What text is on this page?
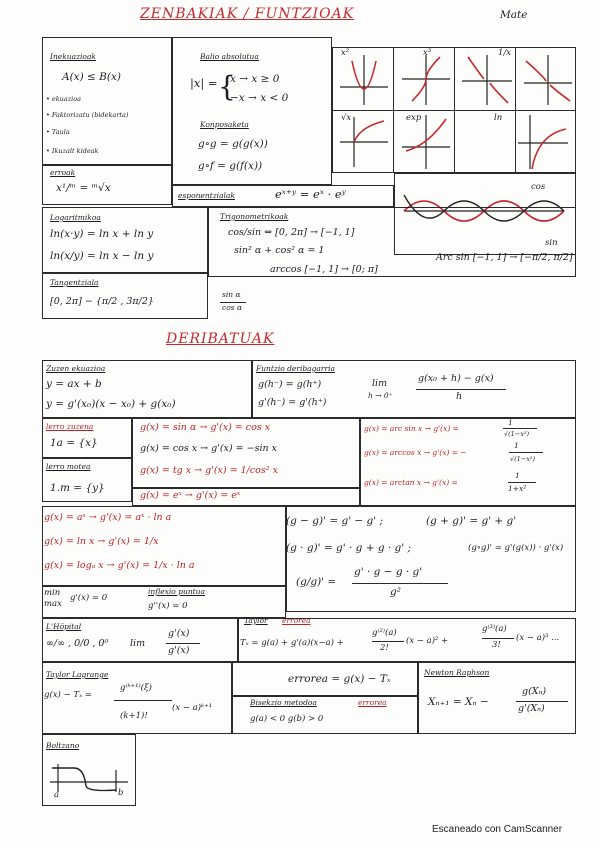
ZENBAKIAK / FUNTZIOAK	Mate
Inekuazioak
A(x) ≤ B(x)
• ekuazioa
• Faktorizatu (bidekarta)
• Taula
• Ikuzalt kideak
erroak
x¹/ᵐ = ᵐ√x
Balio absolutua
|x| = {
x → x ≥ 0
−x → x < 0
Konposaketa
g∘g = g(g(x))
g∘f = g(f(x))
esponentzialak	eˣ⁺ʸ = eˣ · eʸ
x²	x³	1/x
√x	exp	ln
cos
sin
Logaritmikoa
ln(x·y) = ln x + ln y
ln(x/y) = ln x − ln y
Trigonometrikoak
cos/sin ⇔ [0, 2π] → [−1, 1]
sin² α + cos² α = 1
arccos [−1, 1] → [0; π]
Arc sin [−1, 1] → [−π/2, π/2]
Tangentziala
[0, 2π] − {π/2 , 3π/2}
sin α
cos α
DERIBATUAK
Zuzen ekuazioa
y = ax + b
y = g'(x₀)(x − x₀) + g(x₀)
Funtzio deribagarria
g(h⁻) = g(h⁺)
g'(h⁻) = g'(h⁺)
lim
h → 0⁺
g(x₀ + h) − g(x)
h
lerro zuzena
1a = {x}
lerro motea
1.m = {y}
g(x) = sin α → g'(x) = cos x
g(x) = cos x → g'(x) = −sin x
g(x) = tg x → g'(x) = 1/cos² x
g(x) = eˣ → g'(x) = eˣ
g(x) = arc sin x → g'(x) =
1
√(1−x²)
g(x) = arccos x → g'(x) = −
1
√(1−x²)
g(x) = arctan x → g'(x) =
1
1+x²
g(x) = aˣ → g'(x) = aˣ · ln a
g(x) = ln x → g'(x) = 1/x
g(x) = logₐ x → g'(x) = 1/x · ln a
(g − g)' = g' − g' ;	(g + g)' = g' + g'
(g · g)' = g' · g + g · g' ;	(g∘g)' = g'(g(x)) · g'(x)
(g/g)' =
g' · g − g · g'
g²
min
max
g'(x) = 0
inflexio puntua
g''(x) = 0
L'Hôpital
∞/∞ , 0/0 , 0⁰ lim
g'(x)
g'(x)
Taylor errorea
Tₓ = g(a) + g'(a)(x−a) +
g⁽²⁾(a)
2!
(x − a)² +
g⁽³⁾(a)
3!
(x − a)³ ...
Taylor Lagrange
g(x) − Tₓ =
g⁽ᵏ⁺¹⁾(ξ)
(k+1)!
(x − a)ᵏ⁺¹
errorea = g(x) − Tₓ
Bisekzio metodoa	errorea
g(a) < 0 g(b) > 0
Newton Raphson
Xₙ₊₁ = Xₙ −
g(Xₙ)
g'(Xₙ)
Boltzano
a	b
Escaneado con CamScanner
